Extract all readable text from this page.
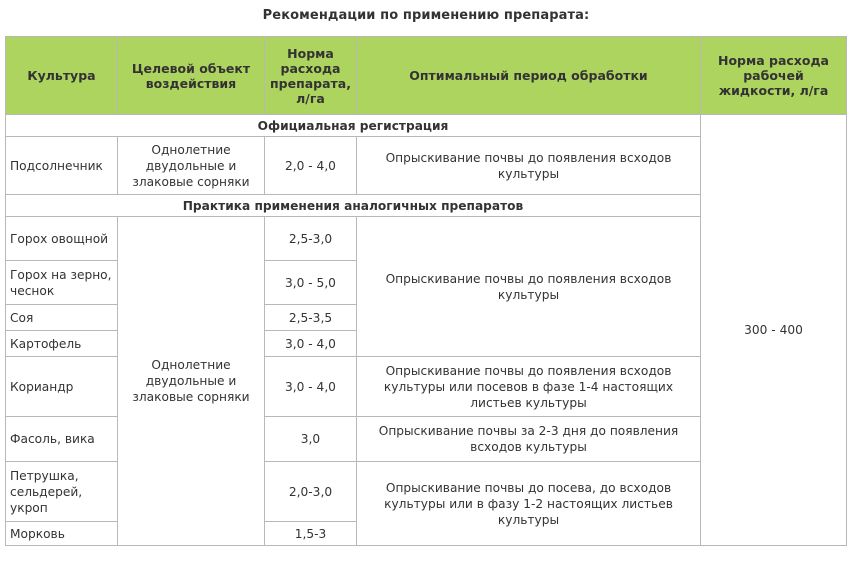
Рекомендации по применению препарата:
Культура	Целевой объект воздействия	Норма расхода препарата, л/га	Оптимальный период обработки	Норма расхода рабочей жидкости, л/га
Официальная регистрация				300 - 400
Подсолнечник	Однолетние двудольные и злаковые сорняки	2,0 - 4,0	Опрыскивание почвы до появления всходов культуры	
Практика применения аналогичных препаратов				
Горох овощной	Однолетние двудольные и злаковые сорняки	2,5-3,0	Опрыскивание почвы до появления всходов культуры	
Горох на зерно, чеснок		3,0 - 5,0		
Соя		2,5-3,5		
Картофель		3,0 - 4,0		
Кориандр		3,0 - 4,0	Опрыскивание почвы до появления всходов культуры или посевов в фазе 1-4 настоящих листьев культуры	
Фасоль, вика		3,0	Опрыскивание почвы за 2-3 дня до появления всходов культуры	
Петрушка, сельдерей, укроп		2,0-3,0	Опрыскивание почвы до посева, до всходов культуры или в фазу 1-2 настоящих листьев культуры	
Морковь		1,5-3		
